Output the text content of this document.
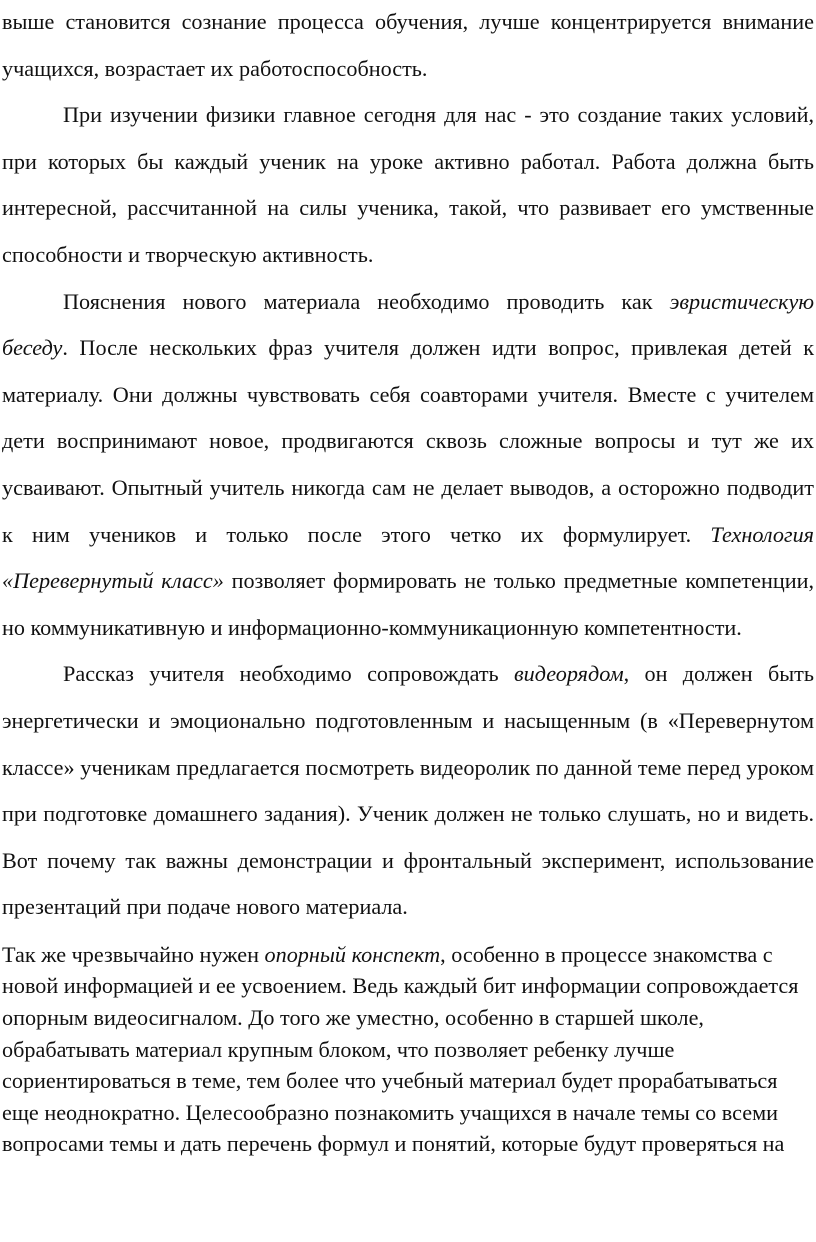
выше становится сознание процесса обучения, лучше концентрируется внимание учащихся, возрастает их работоспособность.

При изучении физики главное сегодня для нас - это создание таких условий, при которых бы каждый ученик на уроке активно работал. Работа должна быть интересной, рассчитанной на силы ученика, такой, что развивает его умственные способности и творческую активность.

Пояснения нового материала необходимо проводить как эвристическую беседу. После нескольких фраз учителя должен идти вопрос, привлекая детей к материалу. Они должны чувствовать себя соавторами учителя. Вместе с учителем дети воспринимают новое, продвигаются сквозь сложные вопросы и тут же их усваивают. Опытный учитель никогда сам не делает выводов, а осторожно подводит к ним учеников и только после этого четко их формулирует. Технология «Перевернутый класс» позволяет формировать не только предметные компетенции, но коммуникативную и информационно-коммуникационную компетентности.

Рассказ учителя необходимо сопровождать видеорядом, он должен быть энергетически и эмоционально подготовленным и насыщенным (в «Перевернутом классе» ученикам предлагается посмотреть видеоролик по данной теме перед уроком при подготовке домашнего задания). Ученик должен не только слушать, но и видеть. Вот почему так важны демонстрации и фронтальный эксперимент, использование презентаций при подаче нового материала.

Так же чрезвычайно нужен опорный конспект, особенно в процессе знакомства с новой информацией и ее усвоением. Ведь каждый бит информации сопровождается опорным видеосигналом. До того же уместно, особенно в старшей школе, обрабатывать материал крупным блоком, что позволяет ребенку лучше сориентироваться в теме, тем более что учебный материал будет прорабатываться еще неоднократно. Целесообразно познакомить учащихся в начале темы со всеми вопросами темы и дать перечень формул и понятий, которые будут проверяться на
